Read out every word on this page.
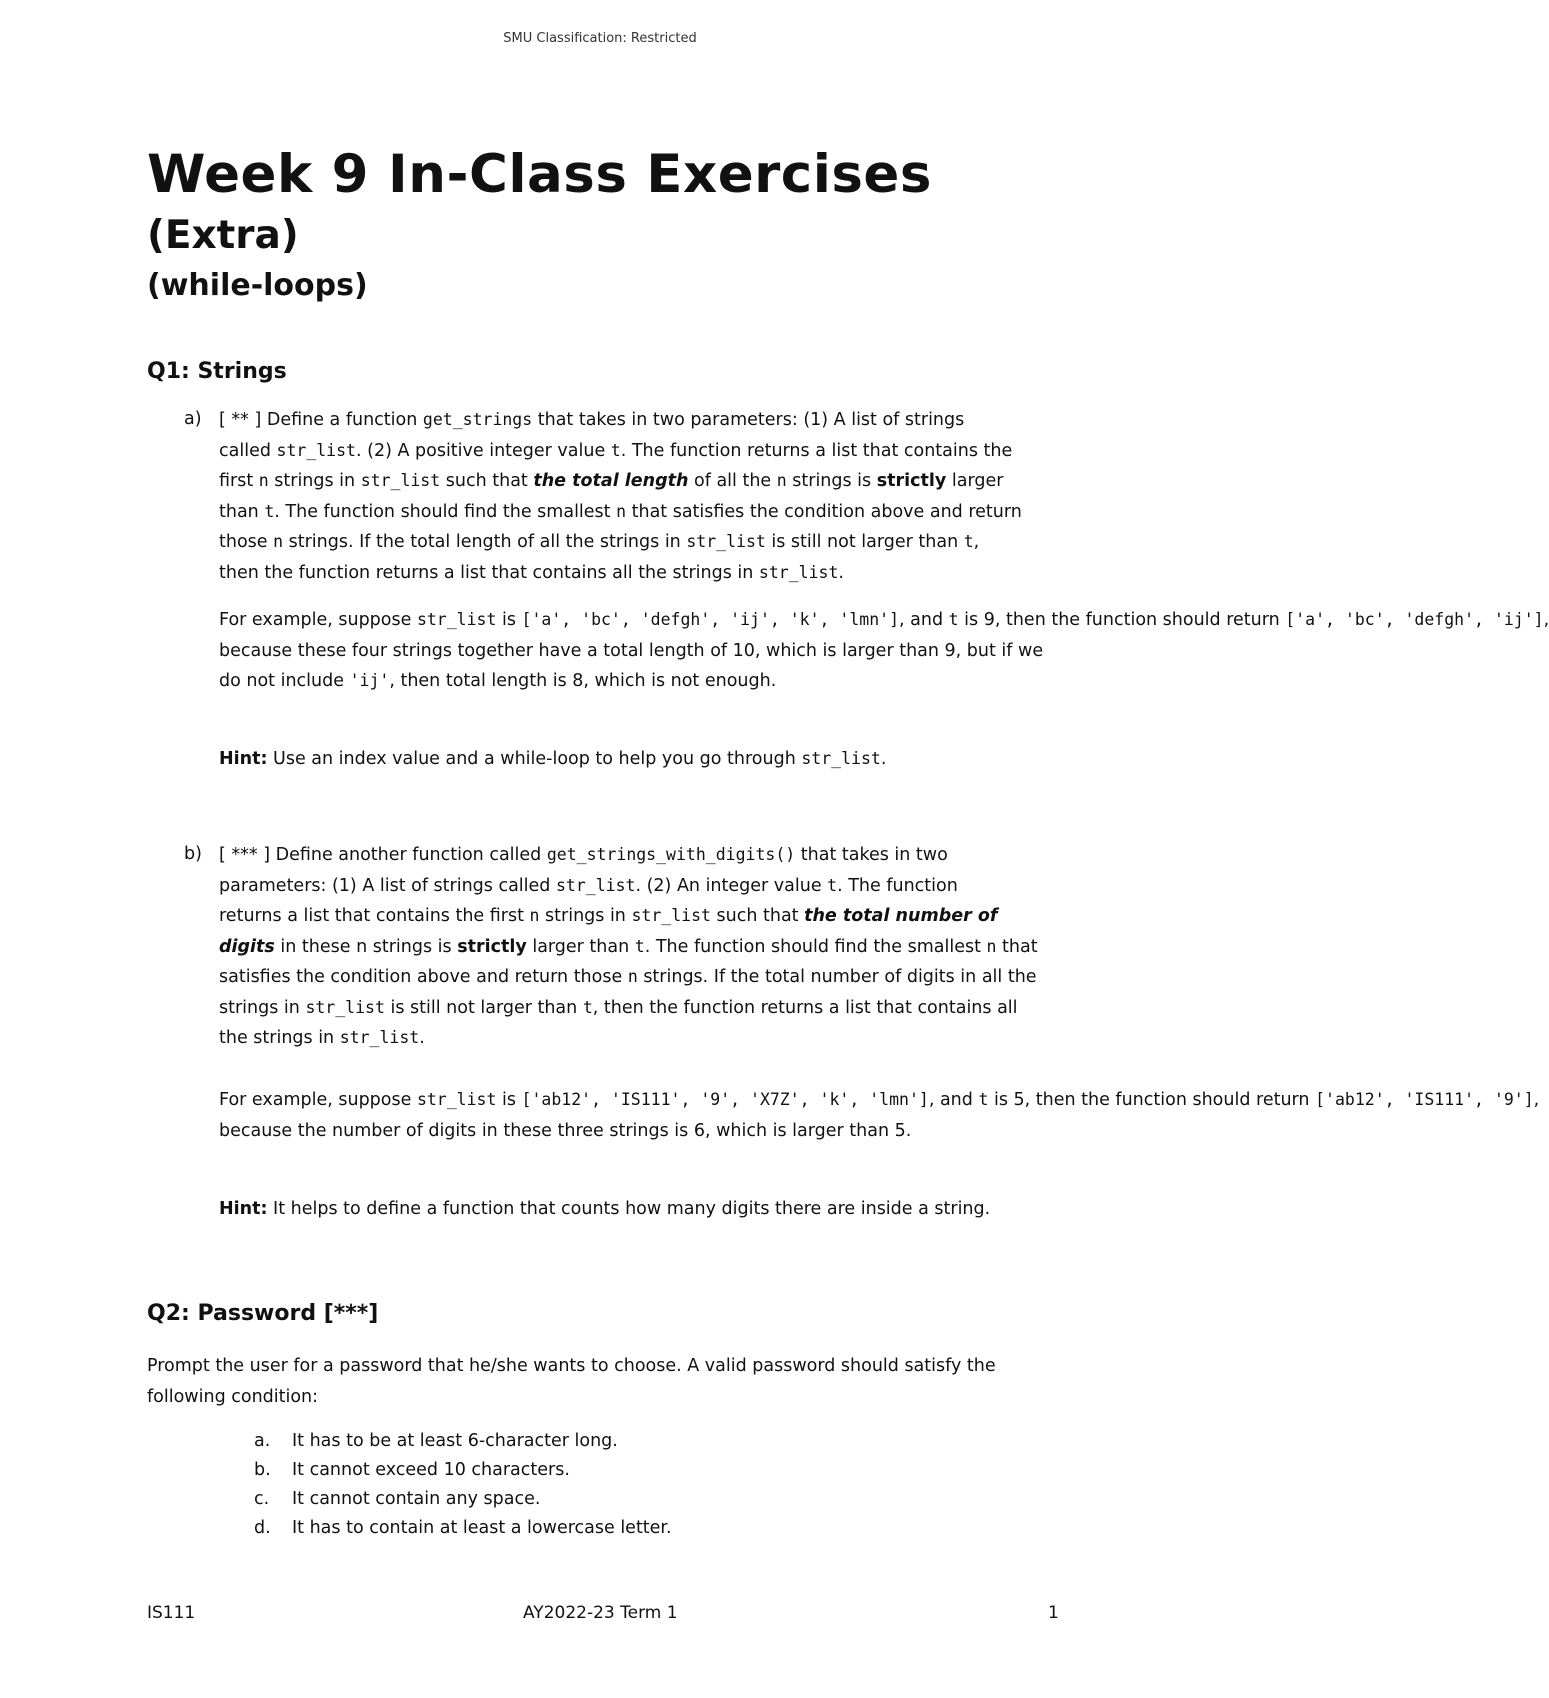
SMU Classification: Restricted
Week 9 In-Class Exercises
(Extra)
(while-loops)
Q1: Strings
a) [ ** ] Define a function get_strings that takes in two parameters: (1) A list of strings
called str_list. (2) A positive integer value t. The function returns a list that contains the
first n strings in str_list such that the total length of all the n strings is strictly larger
than t. The function should find the smallest n that satisfies the condition above and return
those n strings. If the total length of all the strings in str_list is still not larger than t,
then the function returns a list that contains all the strings in str_list.
For example, suppose str_list is ['a', 'bc', 'defgh', 'ij', 'k', 'lmn'], and t is 9, then the function should return ['a', 'bc', 'defgh', 'ij'],
because these four strings together have a total length of 10, which is larger than 9, but if we
do not include 'ij', then total length is 8, which is not enough.
Hint: Use an index value and a while-loop to help you go through str_list.
b) [ *** ] Define another function called get_strings_with_digits() that takes in two
parameters: (1) A list of strings called str_list. (2) An integer value t. The function
returns a list that contains the first n strings in str_list such that the total number of
digits in these n strings is strictly larger than t. The function should find the smallest n that
satisfies the condition above and return those n strings. If the total number of digits in all the
strings in str_list is still not larger than t, then the function returns a list that contains all
the strings in str_list.
For example, suppose str_list is ['ab12', 'IS111', '9', 'X7Z', 'k', 'lmn'], and t is 5, then the function should return ['ab12', 'IS111', '9'],
because the number of digits in these three strings is 6, which is larger than 5.
Hint: It helps to define a function that counts how many digits there are inside a string.
Q2: Password [***]
Prompt the user for a password that he/she wants to choose. A valid password should satisfy the
following condition:
a.	It has to be at least 6-character long.
b.	It cannot exceed 10 characters.
c.	It cannot contain any space.
d.	It has to contain at least a lowercase letter.
IS111	AY2022-23 Term 1	1
